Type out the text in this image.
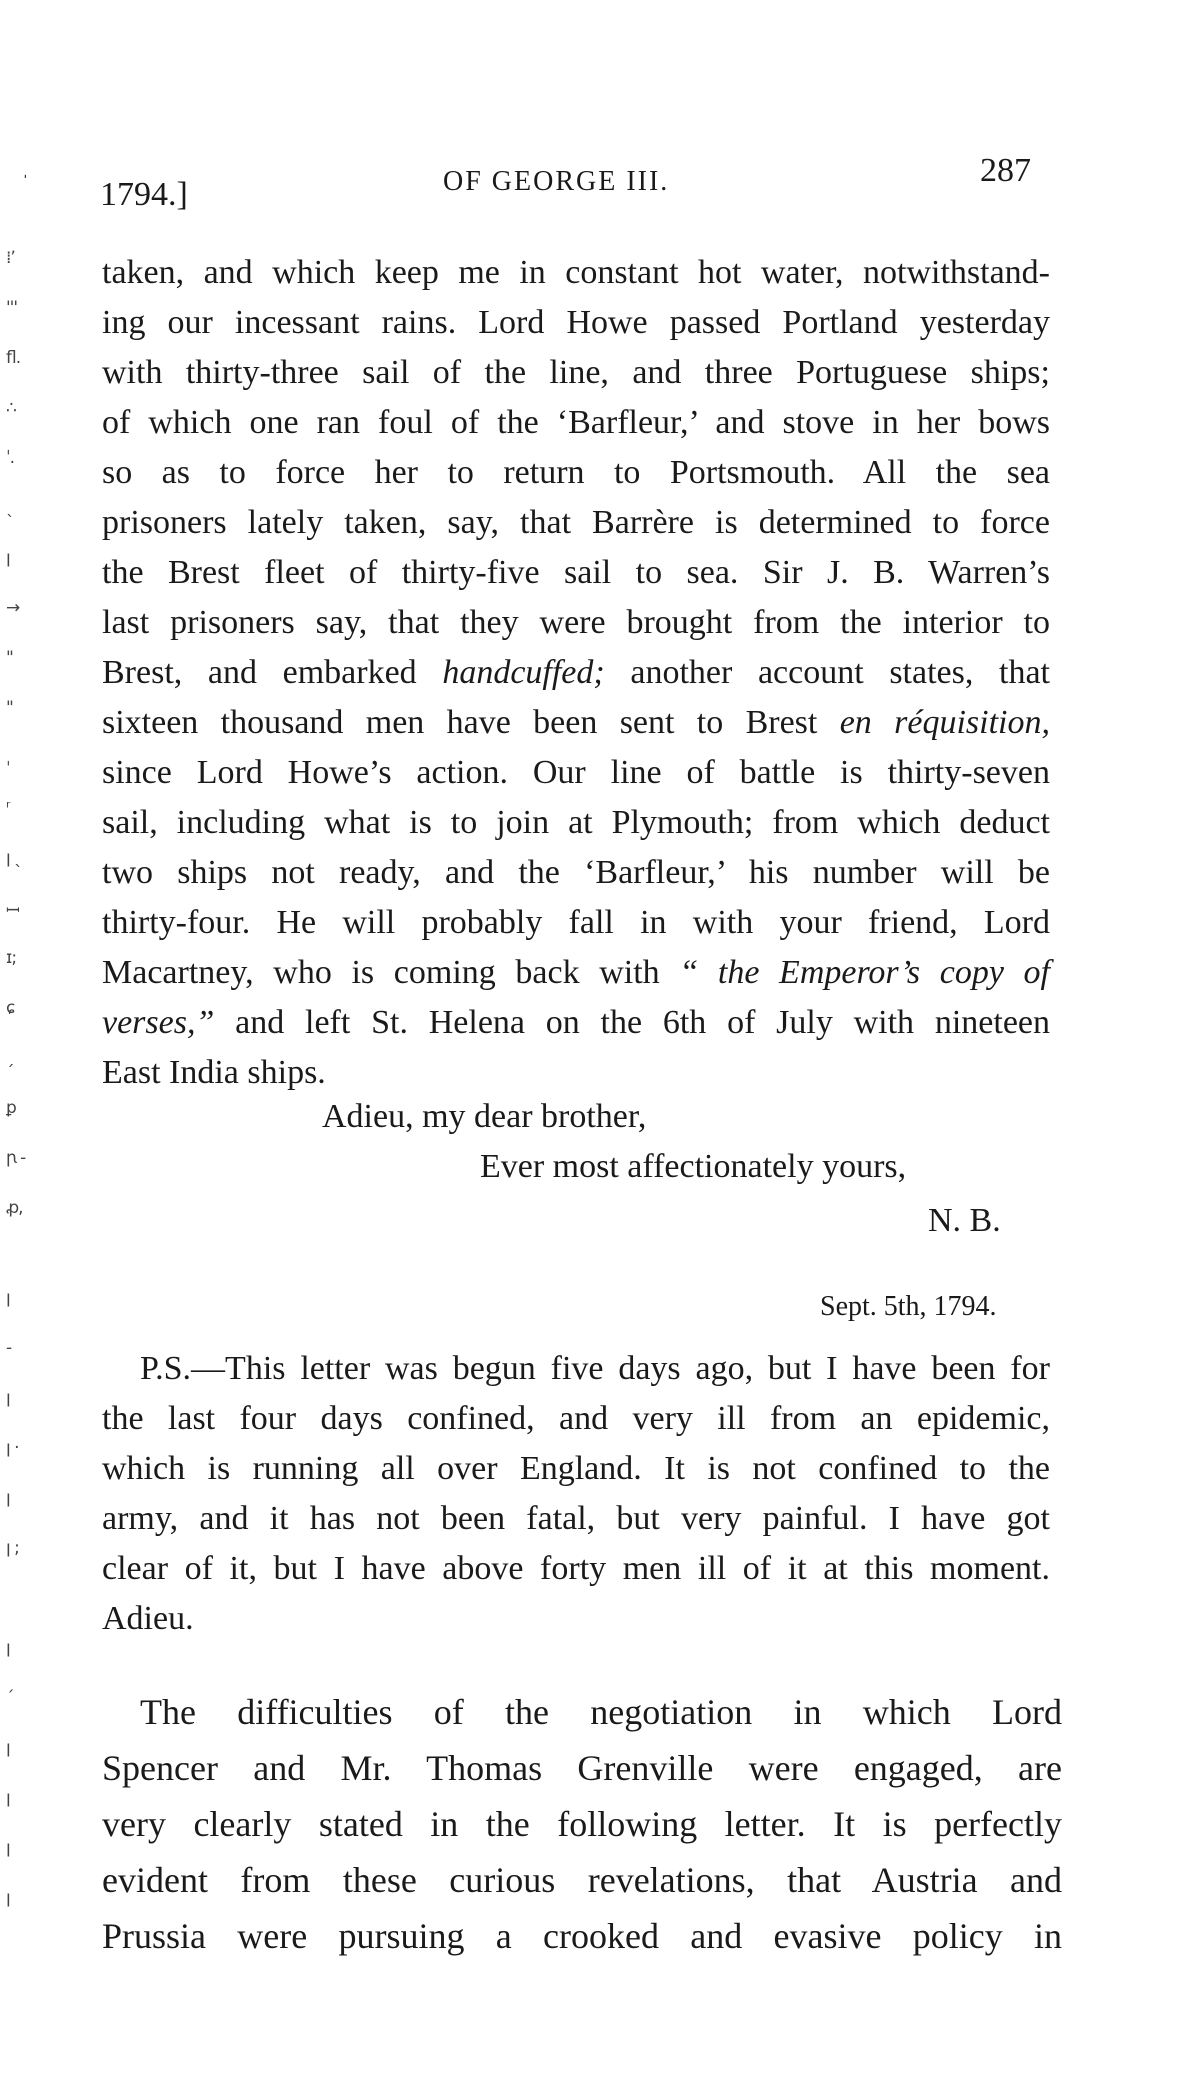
⁞ʼ
ꞌꞌꞌ
ﬂ.
∴
ˈ.
ˎ
ꞁ
→
"
"
ˌ
ʳ
ꞁ ˎ
ꟷ
ɪ;
ɕ
ˏ
ꝑ
ꞃ -
ꝓ,
ꞁ
-
ꞁ
ꞁ ·
ꞁ
ꞁ ;
ꞁ
ˊ
ꞁ
ꞁ
ꞁ
ꞁ
ˈ 1794.]	OF GEORGE III.	287
taken, and which keep me in constant hot water, notwithstand-
ing our incessant rains. Lord Howe passed Portland yesterday
with thirty-three sail of the line, and three Portuguese ships;
of which one ran foul of the ‘Barfleur,’ and stove in her bows
so as to force her to return to Portsmouth. All the sea
prisoners lately taken, say, that Barrère is determined to force
the Brest fleet of thirty-five sail to sea. Sir J. B. Warren’s
last prisoners say, that they were brought from the interior to
Brest, and embarked handcuffed; another account states, that
sixteen thousand men have been sent to Brest en réquisition,
since Lord Howe’s action. Our line of battle is thirty-seven
sail, including what is to join at Plymouth; from which deduct
two ships not ready, and the ‘Barfleur,’ his number will be
thirty-four. He will probably fall in with your friend, Lord
Macartney, who is coming back with “ the Emperor’s copy of
verses,” and left St. Helena on the 6th of July with nineteen
East India ships.
Adieu, my dear brother,
Ever most affectionately yours,
N. B.
Sept. 5th, 1794.
P.S.—This letter was begun five days ago, but I have been for
the last four days confined, and very ill from an epidemic,
which is running all over England. It is not confined to the
army, and it has not been fatal, but very painful. I have got
clear of it, but I have above forty men ill of it at this moment.
Adieu.
The difficulties of the negotiation in which Lord
Spencer and Mr. Thomas Grenville were engaged, are
very clearly stated in the following letter. It is perfectly
evident from these curious revelations, that Austria and
Prussia were pursuing a crooked and evasive policy in
